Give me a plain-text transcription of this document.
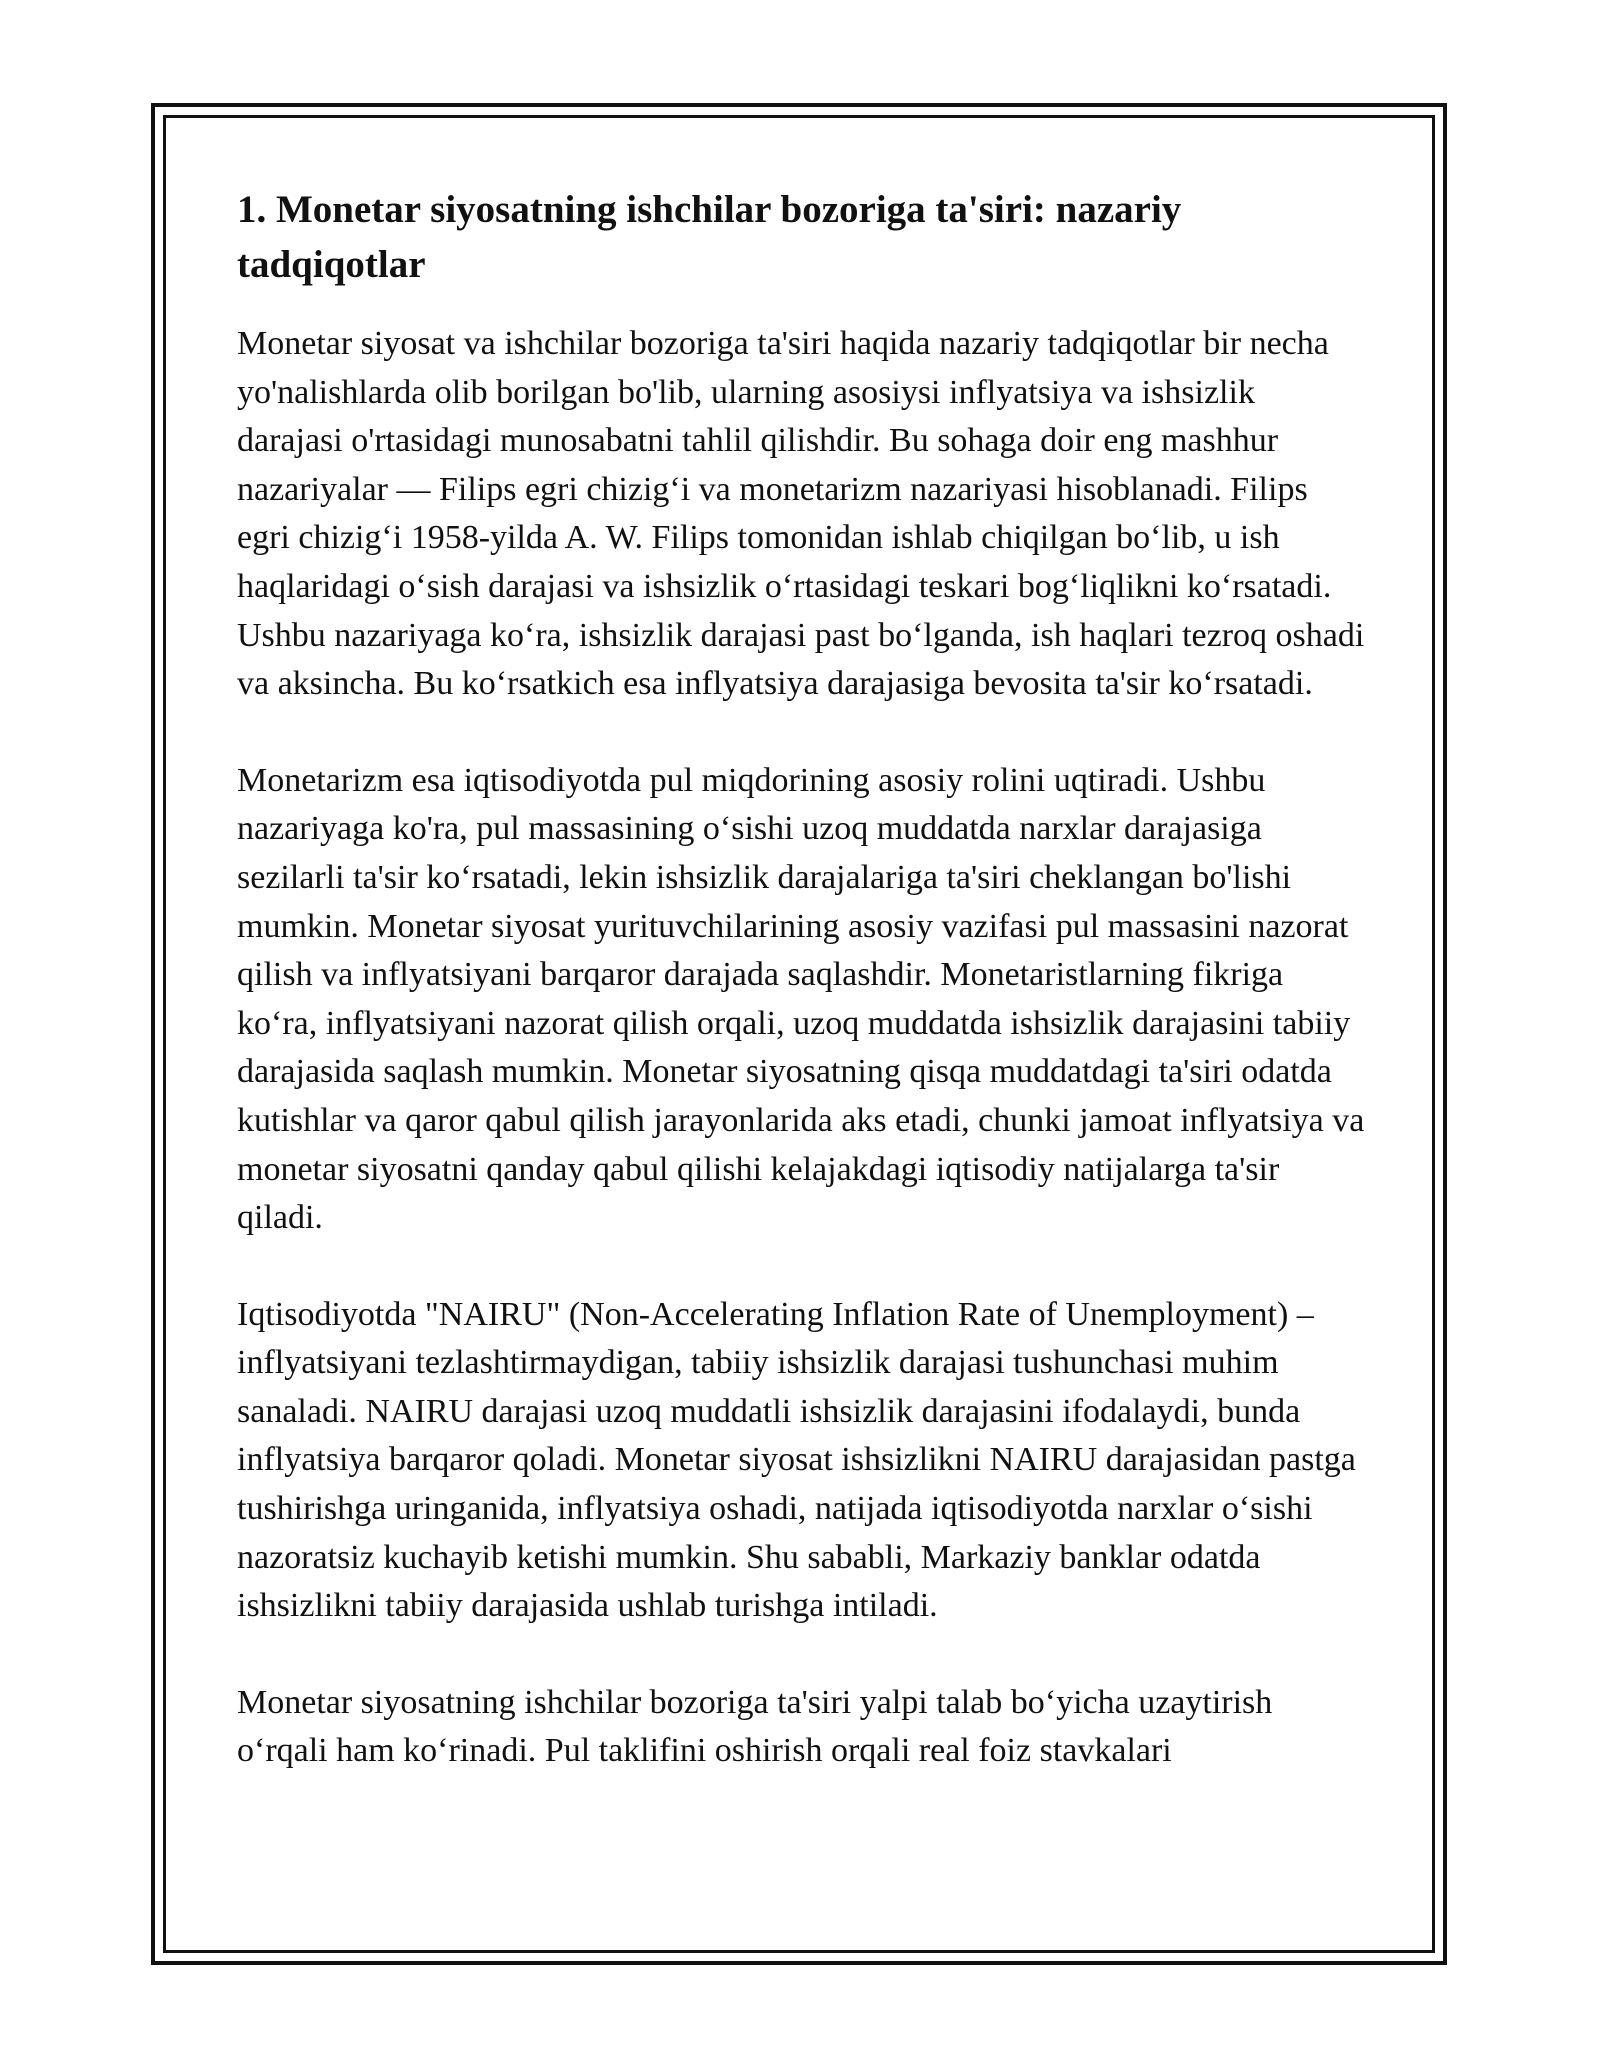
1. Monetar siyosatning ishchilar bozoriga ta'siri: nazariy tadqiqotlar

Monetar siyosat va ishchilar bozoriga ta'siri haqida nazariy tadqiqotlar bir necha yo'nalishlarda olib borilgan bo'lib, ularning asosiysi inflyatsiya va ishsizlik darajasi o'rtasidagi munosabatni tahlil qilishdir. Bu sohaga doir eng mashhur nazariyalar — Filips egri chizig‘i va monetarizm nazariyasi hisoblanadi. Filips egri chizig‘i 1958-yilda A. W. Filips tomonidan ishlab chiqilgan bo‘lib, u ish haqlaridagi o‘sish darajasi va ishsizlik o‘rtasidagi teskari bog‘liqlikni ko‘rsatadi. Ushbu nazariyaga ko‘ra, ishsizlik darajasi past bo‘lganda, ish haqlari tezroq oshadi va aksincha. Bu ko‘rsatkich esa inflyatsiya darajasiga bevosita ta'sir ko‘rsatadi.

Monetarizm esa iqtisodiyotda pul miqdorining asosiy rolini uqtiradi. Ushbu nazariyaga ko'ra, pul massasining o‘sishi uzoq muddatda narxlar darajasiga sezilarli ta'sir ko‘rsatadi, lekin ishsizlik darajalariga ta'siri cheklangan bo'lishi mumkin. Monetar siyosat yurituvchilarining asosiy vazifasi pul massasini nazorat qilish va inflyatsiyani barqaror darajada saqlashdir. Monetaristlarning fikriga ko‘ra, inflyatsiyani nazorat qilish orqali, uzoq muddatda ishsizlik darajasini tabiiy darajasida saqlash mumkin. Monetar siyosatning qisqa muddatdagi ta'siri odatda kutishlar va qaror qabul qilish jarayonlarida aks etadi, chunki jamoat inflyatsiya va monetar siyosatni qanday qabul qilishi kelajakdagi iqtisodiy natijalarga ta'sir qiladi.

Iqtisodiyotda "NAIRU" (Non-Accelerating Inflation Rate of Unemployment) – inflyatsiyani tezlashtirmaydigan, tabiiy ishsizlik darajasi tushunchasi muhim sanaladi. NAIRU darajasi uzoq muddatli ishsizlik darajasini ifodalaydi, bunda inflyatsiya barqaror qoladi. Monetar siyosat ishsizlikni NAIRU darajasidan pastga tushirishga uringanida, inflyatsiya oshadi, natijada iqtisodiyotda narxlar o‘sishi nazoratsiz kuchayib ketishi mumkin. Shu sababli, Markaziy banklar odatda ishsizlikni tabiiy darajasida ushlab turishga intiladi.

Monetar siyosatning ishchilar bozoriga ta'siri yalpi talab bo‘yicha uzaytirish o‘rqali ham ko‘rinadi. Pul taklifini oshirish orqali real foiz stavkalari
